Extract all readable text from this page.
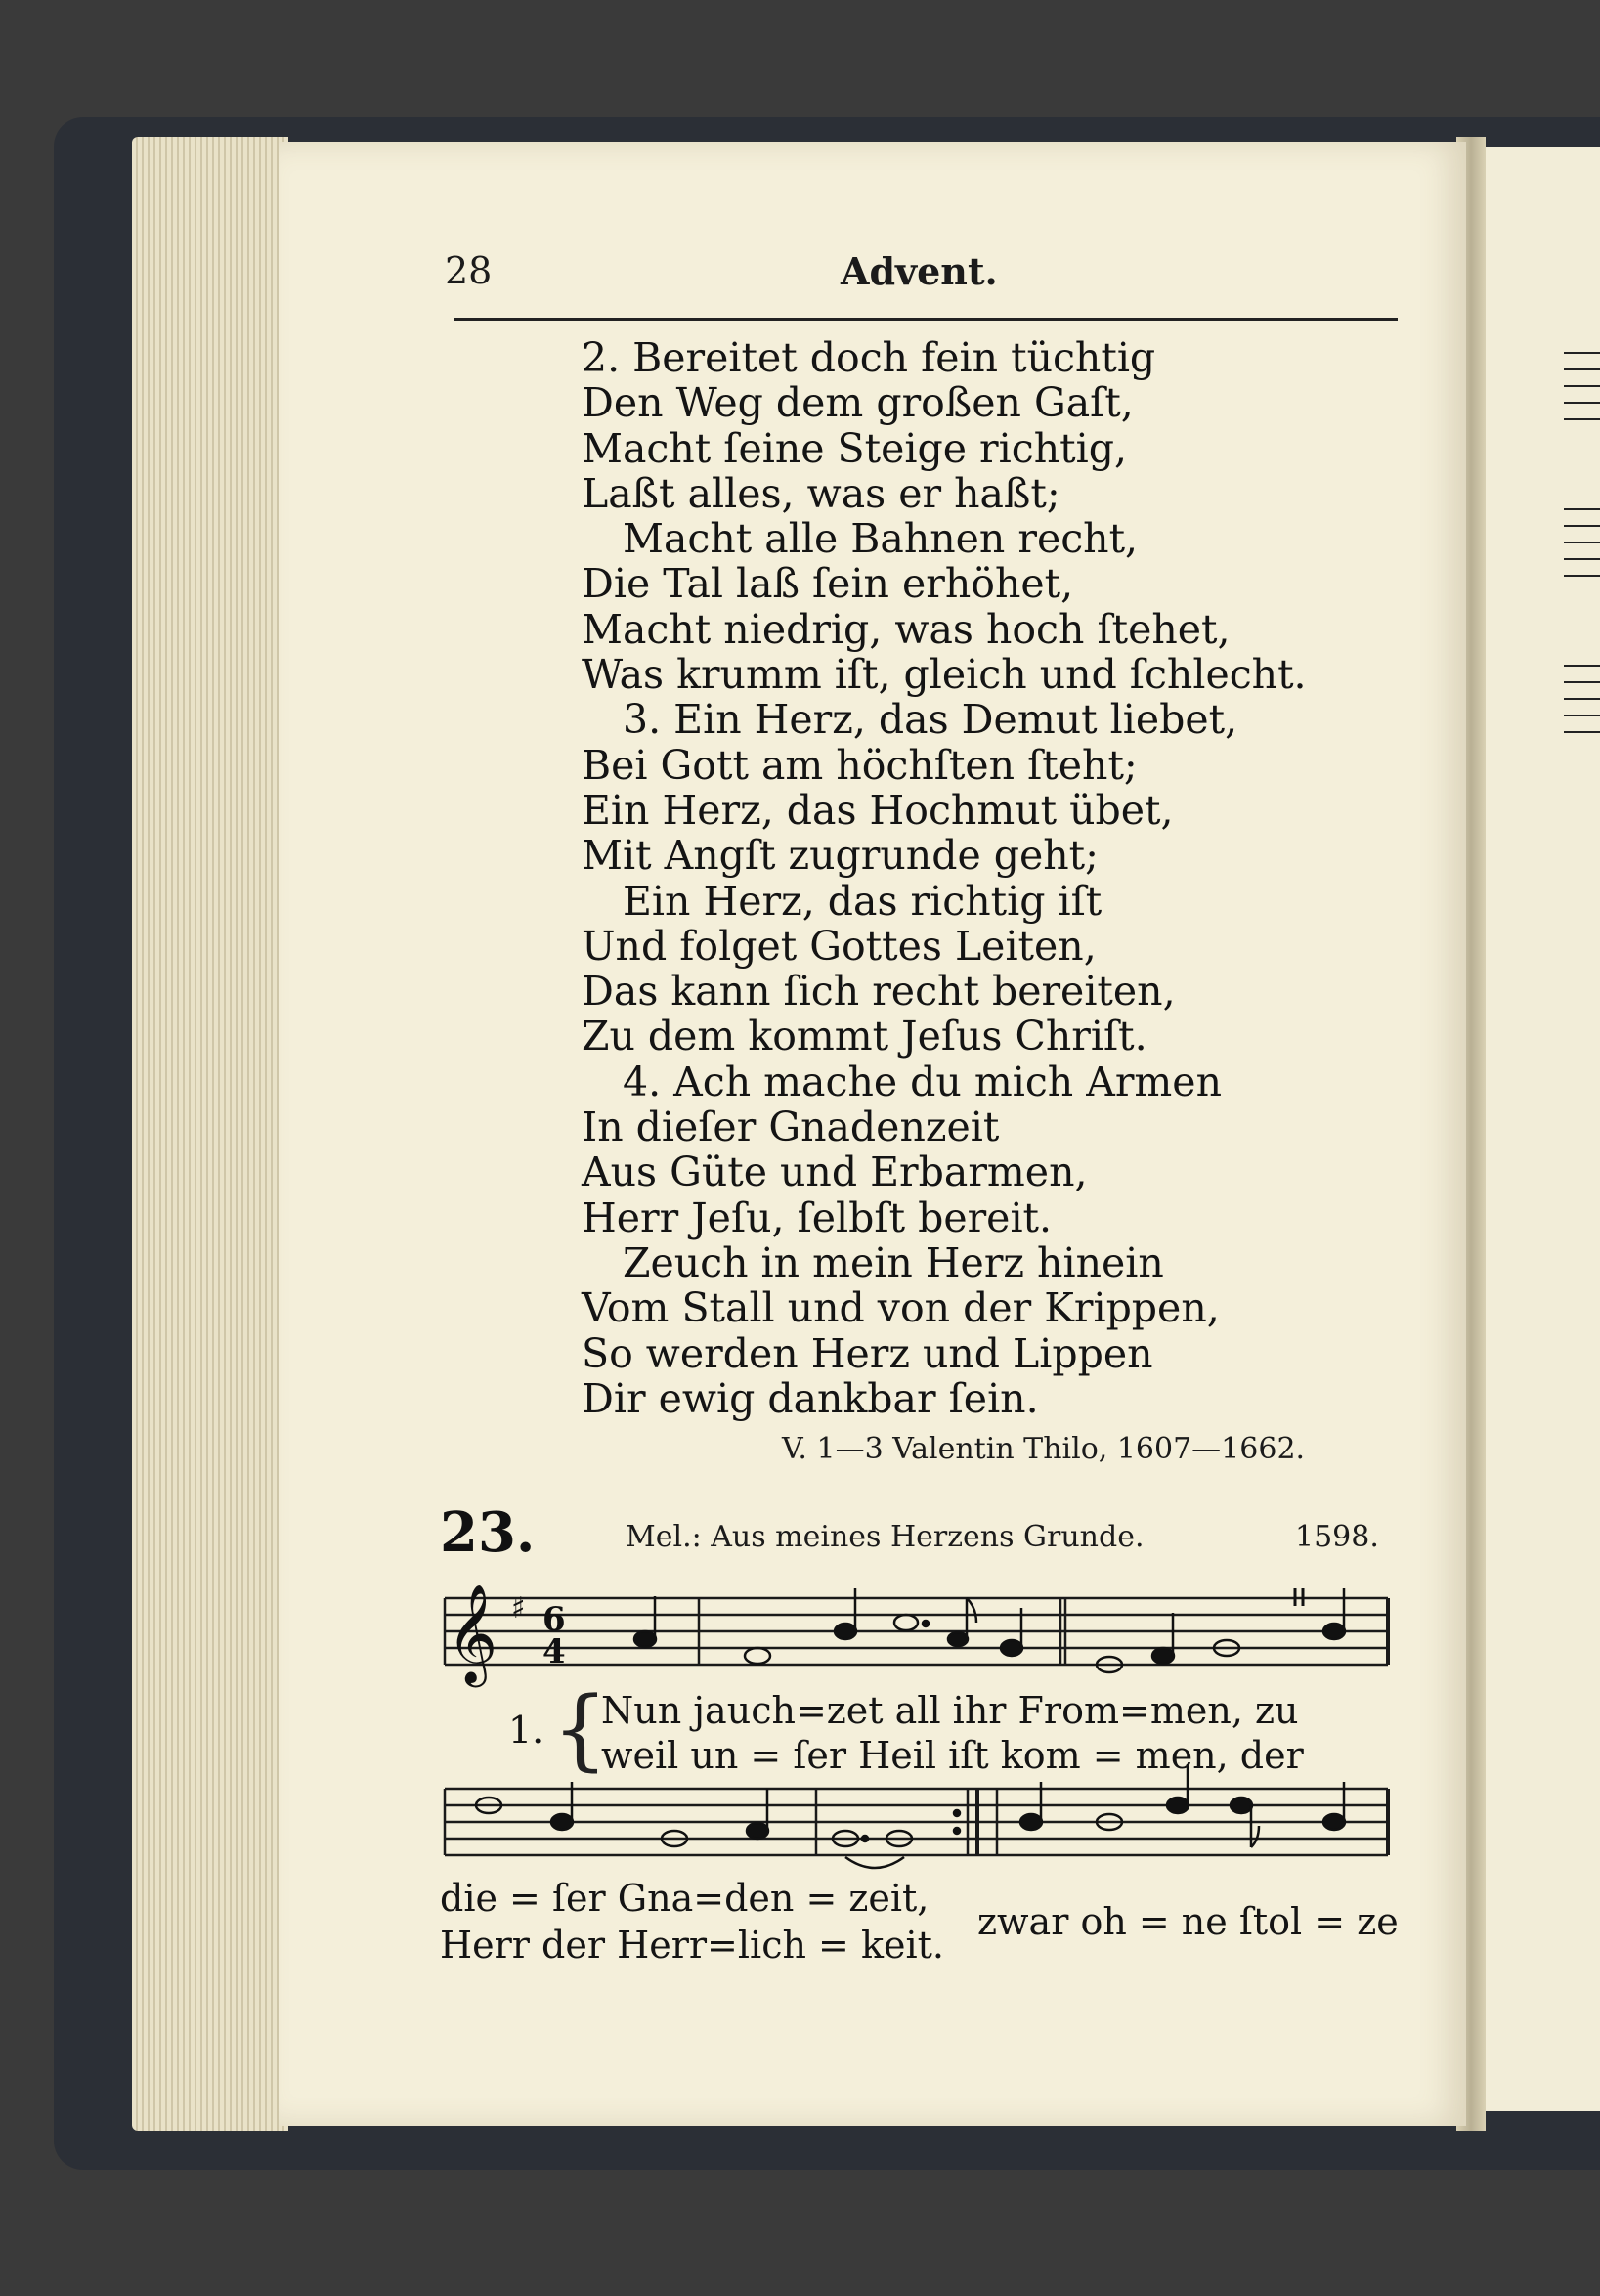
28	Advent.
2. Bereitet doch fein tüchtig
Den Weg dem großen Gaſt,
Macht ſeine Steige richtig,
Laßt alles, was er haßt;
Macht alle Bahnen recht,
Die Tal laß ſein erhöhet,
Macht niedrig, was hoch ſtehet,
Was krumm iſt, gleich und ſchlecht.
3. Ein Herz, das Demut liebet,
Bei Gott am höchſten ſteht;
Ein Herz, das Hochmut übet,
Mit Angſt zugrunde geht;
Ein Herz, das richtig iſt
Und folget Gottes Leiten,
Das kann ſich recht bereiten,
Zu dem kommt Jeſus Chriſt.
4. Ach mache du mich Armen
In dieſer Gnadenzeit
Aus Güte und Erbarmen,
Herr Jeſu, ſelbſt bereit.
Zeuch in mein Herz hinein
Vom Stall und von der Krippen,
So werden Herz und Lippen
Dir ewig dankbar ſein.
V. 1—3 Valentin Thilo, 1607—1662.
23.	Mel.: Aus meines Herzens Grunde.	1598.
𝄞 ♯ 6
4
1. {
Nun jauch=zet all ihr From=men, zu
weil un = ſer Heil iſt kom = men, der
die = ſer Gna=den = zeit,
Herr der Herr=lich = keit.
zwar oh = ne ſtol = ze
